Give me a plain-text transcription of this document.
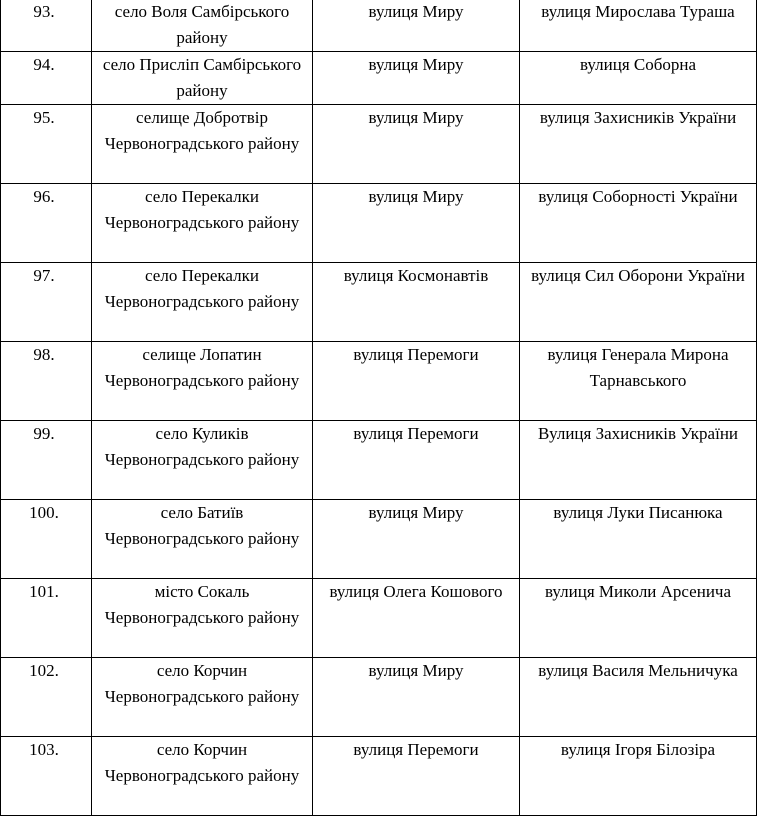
93.	село Воля Самбірського району	вулиця Миру	вулиця Мирослава Тураша
94.	село Прислiп Самбірського району	вулиця Миру	вулиця Соборна
95.	селище Добротвір Червоноградського району	вулиця Миру	вулиця Захисників України
96.	село Перекалки Червоноградського району	вулиця Миру	вулиця Соборності України
97.	село Перекалки Червоноградського району	вулиця Космонавтів	вулиця Сил Оборони України
98.	селище Лопатин Червоноградського району	вулиця Перемоги	вулиця Генерала Мирона Тарнавського
99.	село Куликів Червоноградського району	вулиця Перемоги	Вулиця Захисників України
100.	село Батиїв Червоноградського району	вулиця Миру	вулиця Луки Писанюка
101.	місто Сокаль Червоноградського району	вулиця Олега Кошового	вулиця Миколи Арсенича
102.	село Корчин Червоноградського району	вулиця Миру	вулиця Василя Мельничука
103.	село Корчин Червоноградського району	вулиця Перемоги	вулиця Ігоря Білозіра
